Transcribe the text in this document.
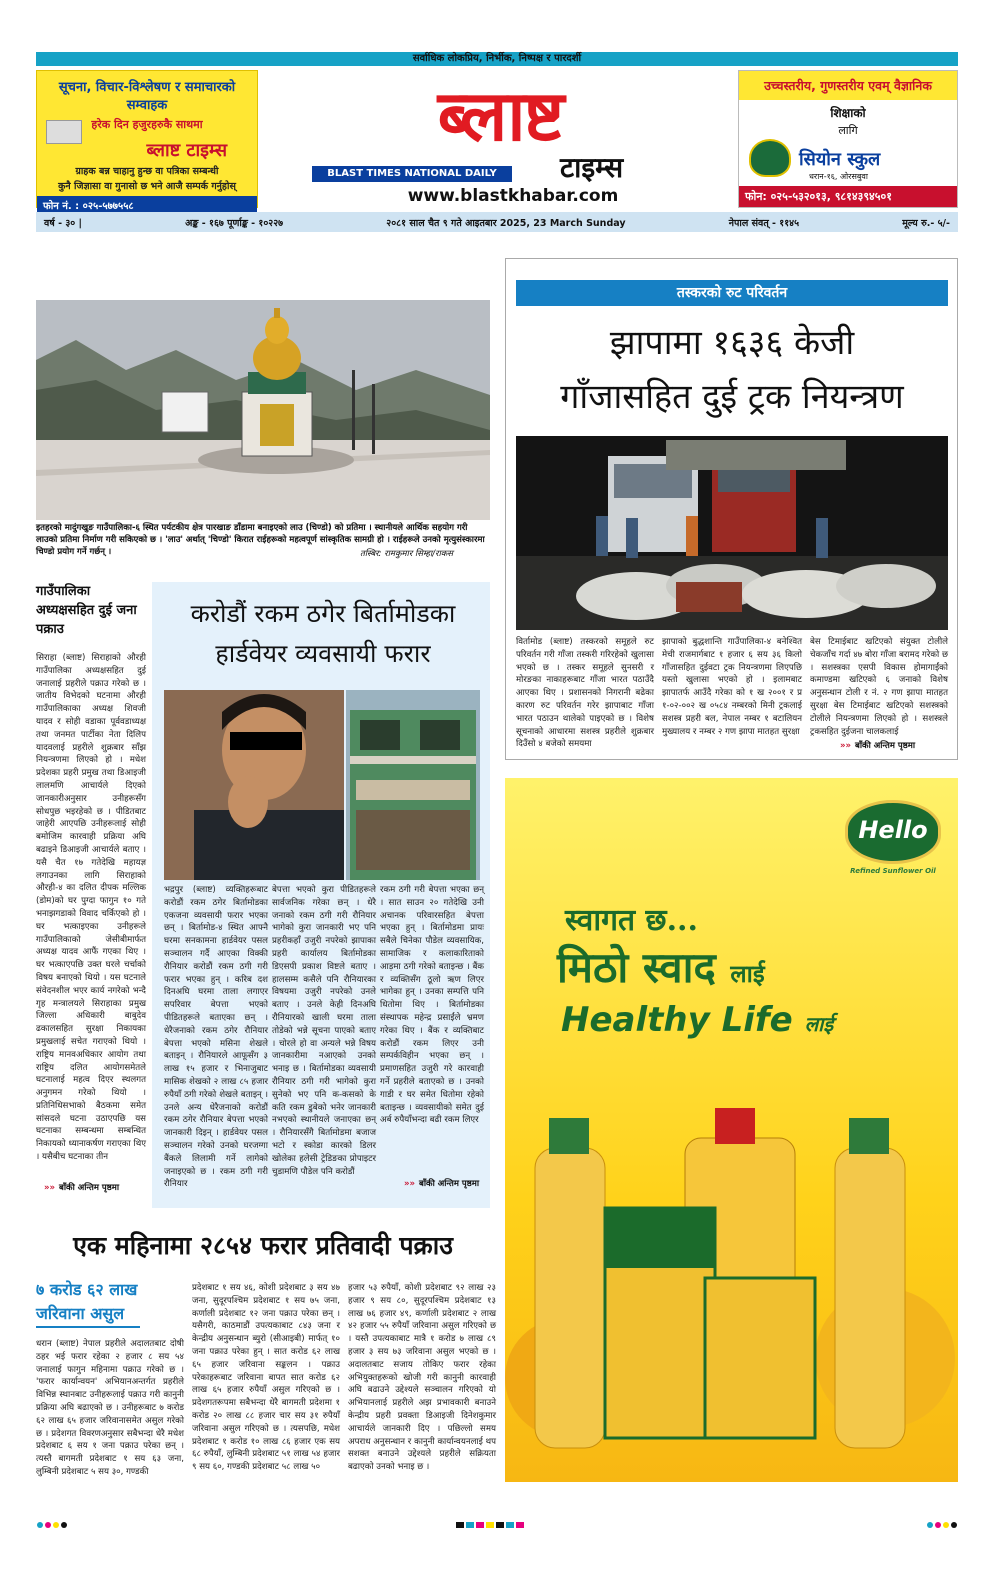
सर्वाधिक लोकप्रिय, निर्भीक, निष्पक्ष र पारदर्शी
सूचना, विचार-विश्लेषण र समाचारको सम्वाहक
हरेक दिन हजुरहरुकै साथमा
ब्लाष्ट टाइम्स
ग्राहक बन्न चाहानु हुन्छ वा पत्रिका सम्बन्धी
कुनै जिज्ञासा वा गुनासो छ भने आजै सम्पर्क गर्नुहोस्
फोन नं. : ०२५-५७७५५८
ब्लाष्ट
BLAST TIMES NATIONAL DAILY	टाइम्स
www.blastkhabar.com
उच्चस्तरीय, गुणस्तरीय एवम् वैज्ञानिक
शिक्षाको
लागि
सियोन स्कुल
धरान-१६, ओरसबुवा
फोन: ०२५-५३२०१३, ९८१४३९४५०१
वर्ष - ३० |	अङ्क - १६७ पूर्णाङ्क - १०२२७	२०८१ साल चैत ९ गते आइतबार 2025, 23 March Sunday	नेपाल संवत् - ११४५	मूल्य रु.- ५/-
इतहरको मादुंगखुङ गाउँपालिका-६ स्थित पर्यटकीय क्षेत्र पारखाङ डाँडामा बनाइएको लाउ (चिण्डो) को प्रतिमा । स्थानीयले आर्थिक सहयोग गरी लाउको प्रतिमा निर्माण गरी सकिएको छ । 'लाउ' अर्थात् 'चिण्डो' किरात राईहरूको महत्वपूर्ण सांस्कृतिक सामग्री हो । राईहरूले उनको मृत्युसंस्कारमा चिण्डो प्रयोग गर्ने गर्छन् ।	तस्बिर: रामकुमार सिम्हा/राकस
तस्करको रुट परिवर्तन
झापामा १६३६ केजी
गाँजासहित दुई ट्रक नियन्त्रण
विर्तामोड (ब्लाष्ट) तस्करको समूहले रुट परिवर्तन गरी गाँजा तस्करी गरिरहेको खुलासा भएको छ । तस्कर समूहले सुनसरी र मोरङका नाकाहरूबाट गाँजा भारत पठाउँदै आएका थिए । प्रशासनको निगरानी बढेका कारण रुट परिवर्तन गरेर झापाबाट गाँजा भारत पठाउन थालेको पाइएको छ । विशेष सूचनाको आधारमा सशस्त्र प्रहरीले शुक्रबार दिउँसो ४ बजेको समयमा
झापाको बुद्धशान्ति गाउँपालिका-४ बनेश्वित मेची राजमार्गबाट १ हजार ६ सय ३६ किलो गाँजासहित दुईवटा ट्रक नियन्त्रणमा लिएपछि यस्तो खुलासा भएको हो । इलामबाट झापातर्फ आउँदै गरेका को १ ख २००१ र प्र १-०२-००२ ख ०५८४ नम्बरको मिनी ट्रकलाई सशस्त्र प्रहरी बल, नेपाल नम्बर १ बटालियन मुख्यालय र नम्बर २ गण झापा मातहत सुरक्षा
बेस टिमाईबाट खटिएको संयुक्त टोलीले चेकजाँच गर्दा ४७ बोरा गाँजा बरामद गरेको छ । सशस्त्रका एसपी विकास होमागाईंको कमाण्डमा खटिएको ६ जनाको विशेष अनुसन्धान टोली र नं. २ गण झापा मातहत सुरक्षा बेस टिमाईबाट खटिएको सशस्त्रको टोलीले नियन्त्रणमा लिएको हो । सशस्त्रले ट्रकसहित दुईजना चालकलाई
»» बाँकी अन्तिम पृष्ठमा
गाउँपालिका अध्यक्षसहित दुई जना पक्राउ
सिराहा (ब्लाष्ट) सिराहाको औरही गाउँपालिका अध्यक्षसहित दुई जनालाई प्रहरीले पक्राउ गरेको छ । जातीय विभेदको घटनामा औरही गाउँपालिकाका अध्यक्ष शिवजी यादव र सोही वडाका पूर्ववडाध्यक्ष तथा जनमत पार्टीका नेता दिलिप यादवलाई प्रहरीले शुक्रबार साँझ नियन्त्रणमा लिएको हो । मधेश प्रदेशका प्रहरी प्रमुख तथा डिआइजी लालमणि आचार्यले दिएको जानकारीअनुसार उनीहरूसँग सोधपुछ भइरहेको छ । पीडितबाट जाहेरी आएपछि उनीहरूलाई सोही बमोजिम कारवाही प्रक्रिया अघि बढाइने डिआइजी आचार्यले बताए । यसै चैत १७ गतेदेखि महायज्ञ लगाउनका लागि सिराहाको औरही-४ का दलित दीपक मल्लिक (डोम)को घर पुग्दा फागुन १० गते भनाझगडाको विवाद चर्किएको हो । घर भत्काइएका उनीहरूले गाउँपालिकाको जेसीबीमार्फत अध्यक्ष यादव आफैं गएका थिए । घर भत्काएपछि उक्त घरले चर्चाको विषय बनाएको थियो । यस घटनाले संवेदनशील भएर कार्य नगरेको भन्दै गृह मन्त्रालयले सिराहाका प्रमुख जिल्ला अधिकारी बाबुदेव ढकालसहित सुरक्षा निकायका प्रमुखलाई सचेत गराएको थियो । राष्ट्रिय मानवअधिकार आयोग तथा राष्ट्रिय दलित आयोगसमेतले घटनालाई महत्व दिएर स्थलगत अनुगमन गरेको थियो । प्रतिनिधिसभाको बैठकमा समेत सांसदले घटना उठाएपछि यस घटनाका सम्बन्धमा सम्बन्धित निकायको ध्यानाकर्षण गराएका थिए । यसैबीच घटनाका तीन
»» बाँकी अन्तिम पृष्ठमा
करोडौं रकम ठगेर बिर्तामोडका
हार्डवेयर व्यवसायी फरार
भद्रपुर (ब्लाष्ट) व्यक्तिहरूबाट करोडौं रकम ठगेर बिर्तामोडका एकजना व्यवसायी फरार भएका छन् । बिर्तामोड-४ स्थित आफ्नै घरमा सनकामना हार्डवेयर पसल सञ्चालन गर्दै आएका विक्की रौनियार करोडौं रकम ठगी गरी फरार भएका हुन् । करिब दश दिनअघि घरमा ताला लगाएर सपरिवार बेपत्ता भएको पीडितहरूले बताएका छन् । धेरैजनाको रकम ठगेर रौनियार बेपत्ता भएको मसिना शेखले बताइन् । रौनियारले आफूसँग ३ लाख १५ हजार र भिनाजुबाट मासिक शेखको २ लाख ८५ हजार रुपैयाँ ठगी गरेको शेखले बताइन् । उनले अन्य धेरैजनाको करोडौं रकम ठगेर रौनियार बेपत्ता भएको जानकारी दिइन् । हार्डवेयर पसल सञ्चालन गरेको उनको घरजग्गा बैंकले लिलामी गर्ने लागेको जनाइएको छ । रकम ठगी गरी रौनियार
बेपत्ता भएको कुरा पीडितहरूले सार्वजनिक गरेका छन् । धेरै जनाको रकम ठगी गरी रौनियार भागेको कुरा जानकारी भए पनि प्रहरीकहाँ उजुरी नपरेको झापाका प्रहरी कार्यालय बिर्तामोडका डिएसपी प्रकाश विष्टले बताए । हालसम्म कसैले पनि रौनियारका विषयमा उजुरी नपरेको उनले बताए । उनले केही दिनअघि रौनियारको खाली घरमा ताला तोडेको भन्ने सूचना पाएको बताए । चोरले हो वा अन्यले भन्ने विषय जानकारीमा नआएको उनको भनाइ छ । बिर्तामोडका व्यवसायी रौनियार ठगी गरी भागेको कुरा सुनेको भए पनि क-कसको के कति रकम डुबेको भनेर जानकारी नभएको स्थानीयले जनाएका छन् । रौनियारसँगै बिर्तामोडमा बजाज भटो र स्कोडा कारको डिलर खोलेका हलेसी ट्रेडिङका प्रोपाइटर चुडामणि पौडेल पनि करोडौं
रकम ठगी गरी बेपत्ता भएका छन् । सात साउन २० गतेदेखि उनी अचानक परिवारसहित बेपत्ता भएका हुन् । बिर्तामोडमा प्रायः सबैले चिनेका पौडेल व्यवसायिक, सामाजिक र कलाकारिताको आड़मा ठगी गरेको बताइन्छ । बैंक र व्यक्तिसँग ठूलो ऋण लिएर भागेका हुन् । उनका सम्पत्ति पनि धितोमा थिए । बिर्तामोडका संस्थापक महेन्द्र प्रसाईंले भ्रमण गरेका थिए । बैंक र व्यक्तिबाट करोडौं रकम लिएर उनी सम्पर्कविहीन भएका छन् । प्रमाणसहित उजुरी गरे कारवाही गर्ने प्रहरीले बताएको छ । उनको गाडी र घर समेत धितोमा रहेको बताइन्छ । व्यवसायीको समेत दुई अर्ब रुपैयाँभन्दा बढी रकम लिएर
»» बाँकी अन्तिम पृष्ठमा
एक महिनामा २८५४ फरार प्रतिवादी पक्राउ
७ करोड ६२ लाख
जरिवाना असुल
धरान (ब्लाष्ट) नेपाल प्रहरीले अदालतबाट दोषी ठहर भई फरार रहेका २ हजार ८ सय ५४ जनालाई फागुन महिनामा पक्राउ गरेको छ । 'फरार कार्यान्वयन' अभियानअन्तर्गत प्रहरीले विभिन्न स्थानबाट उनीहरूलाई पक्राउ गरी कानुनी प्रक्रिया अघि बढाएको छ । उनीहरूबाट ७ करोड ६२ लाख ६५ हजार जरिवानासमेत असुल गरेको छ । प्रदेशगत विवरणअनुसार सबैभन्दा धेरै मधेश प्रदेशबाट ६ सय १ जना पक्राउ परेका छन् । त्यस्तै बागमती प्रदेशबाट १ सय ६३ जना, लुम्बिनी प्रदेशबाट ५ सय ३०, गण्डकी
प्रदेशबाट १ सय ४६, कोशी प्रदेशबाट ३ सय ४७ जना, सुदूरपश्चिम प्रदेशबाट १ सय ७५ जना, कर्णाली प्रदेशबाट १२ जना पक्राउ परेका छन् । यसैगरी, काठमाडौं उपत्यकाबाट ८४३ जना र केन्द्रीय अनुसन्धान ब्युरो (सीआइबी) मार्फत् १० जना पक्राउ परेका हुन् । सात करोड ६२ लाख ६५ हजार जरिवाना सङ्कलन । पक्राउ परेकाहरूबाट जरिवाना बापत सात करोड ६२ लाख ६५ हजार रुपैयाँ असुल गरिएको छ । प्रदेशगतरूपमा सबैभन्दा धेरै बागमती प्रदेशमा १ करोड २० लाख ८८ हजार चार सय ३१ रुपैयाँ जरिवाना असुल गरिएको छ । त्यसपछि, मधेश प्रदेशबाट १ करोड १० लाख ८६ हजार एक सय ६८ रुपैयाँ, लुम्बिनी प्रदेशबाट ५१ लाख ५४ हजार ९ सय ६०, गण्डकी प्रदेशबाट ५८ लाख ५०
हजार ५३ रुपैयाँ, कोशी प्रदेशबाट ९२ लाख २३ हजार ९ सय ८०, सुदूरपश्चिम प्रदेशबाट १३ लाख ७६ हजार ४९, कर्णाली प्रदेशबाट २ लाख ४२ हजार ५५ रुपैयाँ जरिवाना असुल गरिएको छ । यस्तै उपत्यकाबाट मात्रै १ करोड ७ लाख ८९ हजार ३ सय ७३ जरिवाना असुल भएको छ । अदालतबाट सजाय तोकिए फरार रहेका अभियुक्तहरूको खोजी गरी कानुनी कारवाही अघि बढाउने उद्देश्यले सञ्चालन गरिएको यो अभियानलाई प्रहरीले अझ प्रभावकारी बनाउने केन्द्रीय प्रहरी प्रवक्ता डिआइजी दिनेशकुमार आचार्यले जानकारी दिए । पछिल्लो समय अपराध अनुसन्धान र कानुनी कार्यान्वयनलाई थप सशक्त बनाउने उद्देश्यले प्रहरीले सक्रियता बढाएको उनको भनाइ छ ।
Hello
Refined Sunflower Oil
स्वागत छ...
मिठो स्वाद लाई
Healthy Life लाई
